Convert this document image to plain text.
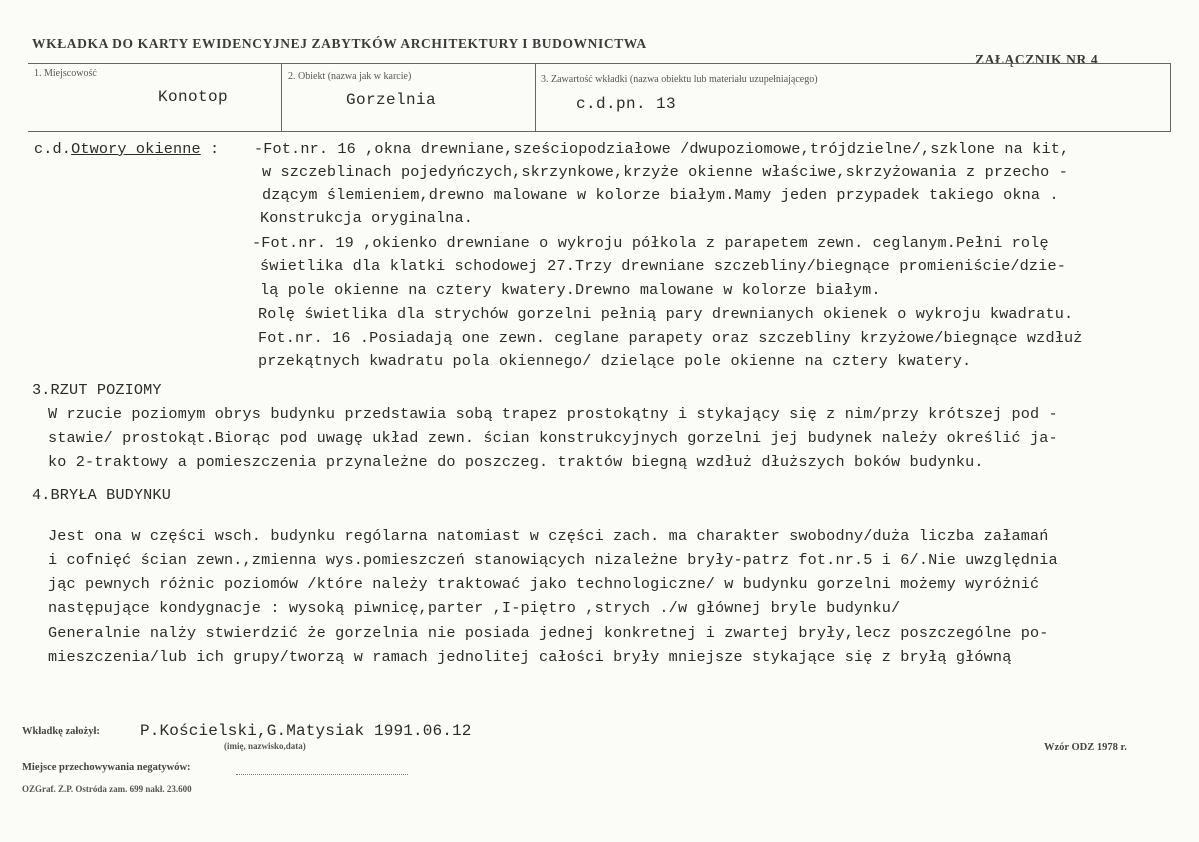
WKŁADKA DO KARTY EWIDENCYJNEJ ZABYTKÓW ARCHITEKTURY I BUDOWNICTWA
ZAŁĄCZNIK NR 4
1. Miejscowość
Konotop
2. Obiekt (nazwa jak w karcie)
Gorzelnia
3. Zawartość wkładki (nazwa obiektu lub materiału uzupełniającego)
c.d.pn. 13
c.d.Otwory okienne : -Fot.nr. 16 ,okna drewniane,sześciopodziałowe /dwupoziomowe,trójdzielne/,szklone na kit,
w szczeblinach pojedyńczych,skrzynkowe,krzyże okienne właściwe,skrzyżowania z przecho -
dzącym ślemieniem,drewno malowane w kolorze białym.Mamy jeden przypadek takiego okna .
Konstrukcja oryginalna.
-Fot.nr. 19 ,okienko drewniane o wykroju półkola z parapetem zewn. ceglanym.Pełni rolę
świetlika dla klatki schodowej 27.Trzy drewniane szczebliny/biegnące promieniście/dzie-
lą pole okienne na cztery kwatery.Drewno malowane w kolorze białym.
Rolę świetlika dla strychów gorzelni pełnią pary drewnianych okienek o wykroju kwadratu.
Fot.nr. 16 .Posiadają one zewn. ceglane parapety oraz szczebliny krzyżowe/biegnące wzdłuż
przekątnych kwadratu pola okiennego/ dzielące pole okienne na cztery kwatery.
3.RZUT POZIOMY
W rzucie poziomym obrys budynku przedstawia sobą trapez prostokątny i stykający się z nim/przy krótszej pod -
stawie/ prostokąt.Biorąc pod uwagę układ zewn. ścian konstrukcyjnych gorzelni jej budynek należy określić ja-
ko 2-traktowy a pomieszczenia przynależne do poszczeg. traktów biegną wzdłuż dłuższych boków budynku.
4.BRYŁA BUDYNKU
Jest ona w części wsch. budynku rególarna natomiast w części zach. ma charakter swobodny/duża liczba załamań
i cofnięć ścian zewn.,zmienna wys.pomieszczeń stanowiących nizależne bryły-patrz fot.nr.5 i 6/.Nie uwzględnia
jąc pewnych różnic poziomów /które należy traktować jako technologiczne/ w budynku gorzelni możemy wyróżnić
następujące kondygnacje : wysoką piwnicę,parter ,I-piętro ,strych ./w głównej bryle budynku/
Generalnie nalży stwierdzić że gorzelnia nie posiada jednej konkretnej i zwartej bryły,lecz poszczególne po-
mieszczenia/lub ich grupy/tworzą w ramach jednolitej całości bryły mniejsze stykające się z bryłą główną
Wkładkę założył:	P.Kościelski,G.Matysiak 1991.06.12
(imię, nazwisko,data)
Miejsce przechowywania negatywów:
Wzór ODZ 1978 r.
OZGraf. Z.P. Ostróda zam. 699 nakł. 23.600
